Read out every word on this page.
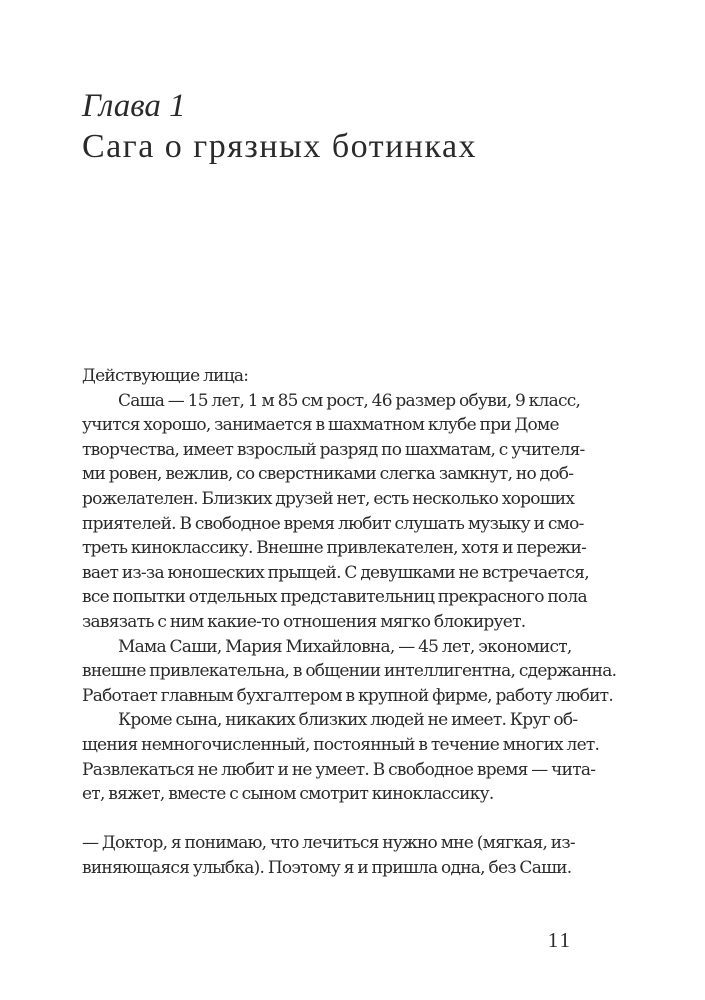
Глава 1
Сага о грязных ботинках
Действующие лица:
Саша — 15 лет, 1 м 85 см рост, 46 размер обуви, 9 класс,
учится хорошо, занимается в шахматном клубе при Доме
творчества, имеет взрослый разряд по шахматам, с учителя-
ми ровен, вежлив, со сверстниками слегка замкнут, но доб-
рожелателен. Близких друзей нет, есть несколько хороших
приятелей. В свободное время любит слушать музыку и смо-
треть киноклассику. Внешне привлекателен, хотя и пережи-
вает из-за юношеских прыщей. С девушками не встречается,
все попытки отдельных представительниц прекрасного пола
завязать с ним какие-то отношения мягко блокирует.
Мама Саши, Мария Михайловна, — 45 лет, экономист,
внешне привлекательна, в общении интеллигентна, сдержанна.
Работает главным бухгалтером в крупной фирме, работу любит.
Кроме сына, никаких близких людей не имеет. Круг об-
щения немногочисленный, постоянный в течение многих лет.
Развлекаться не любит и не умеет. В свободное время — чита-
ет, вяжет, вместе с сыном смотрит киноклассику.
— Доктор, я понимаю, что лечиться нужно мне (мягкая, из-
виняющаяся улыбка). Поэтому я и пришла одна, без Саши.
11
